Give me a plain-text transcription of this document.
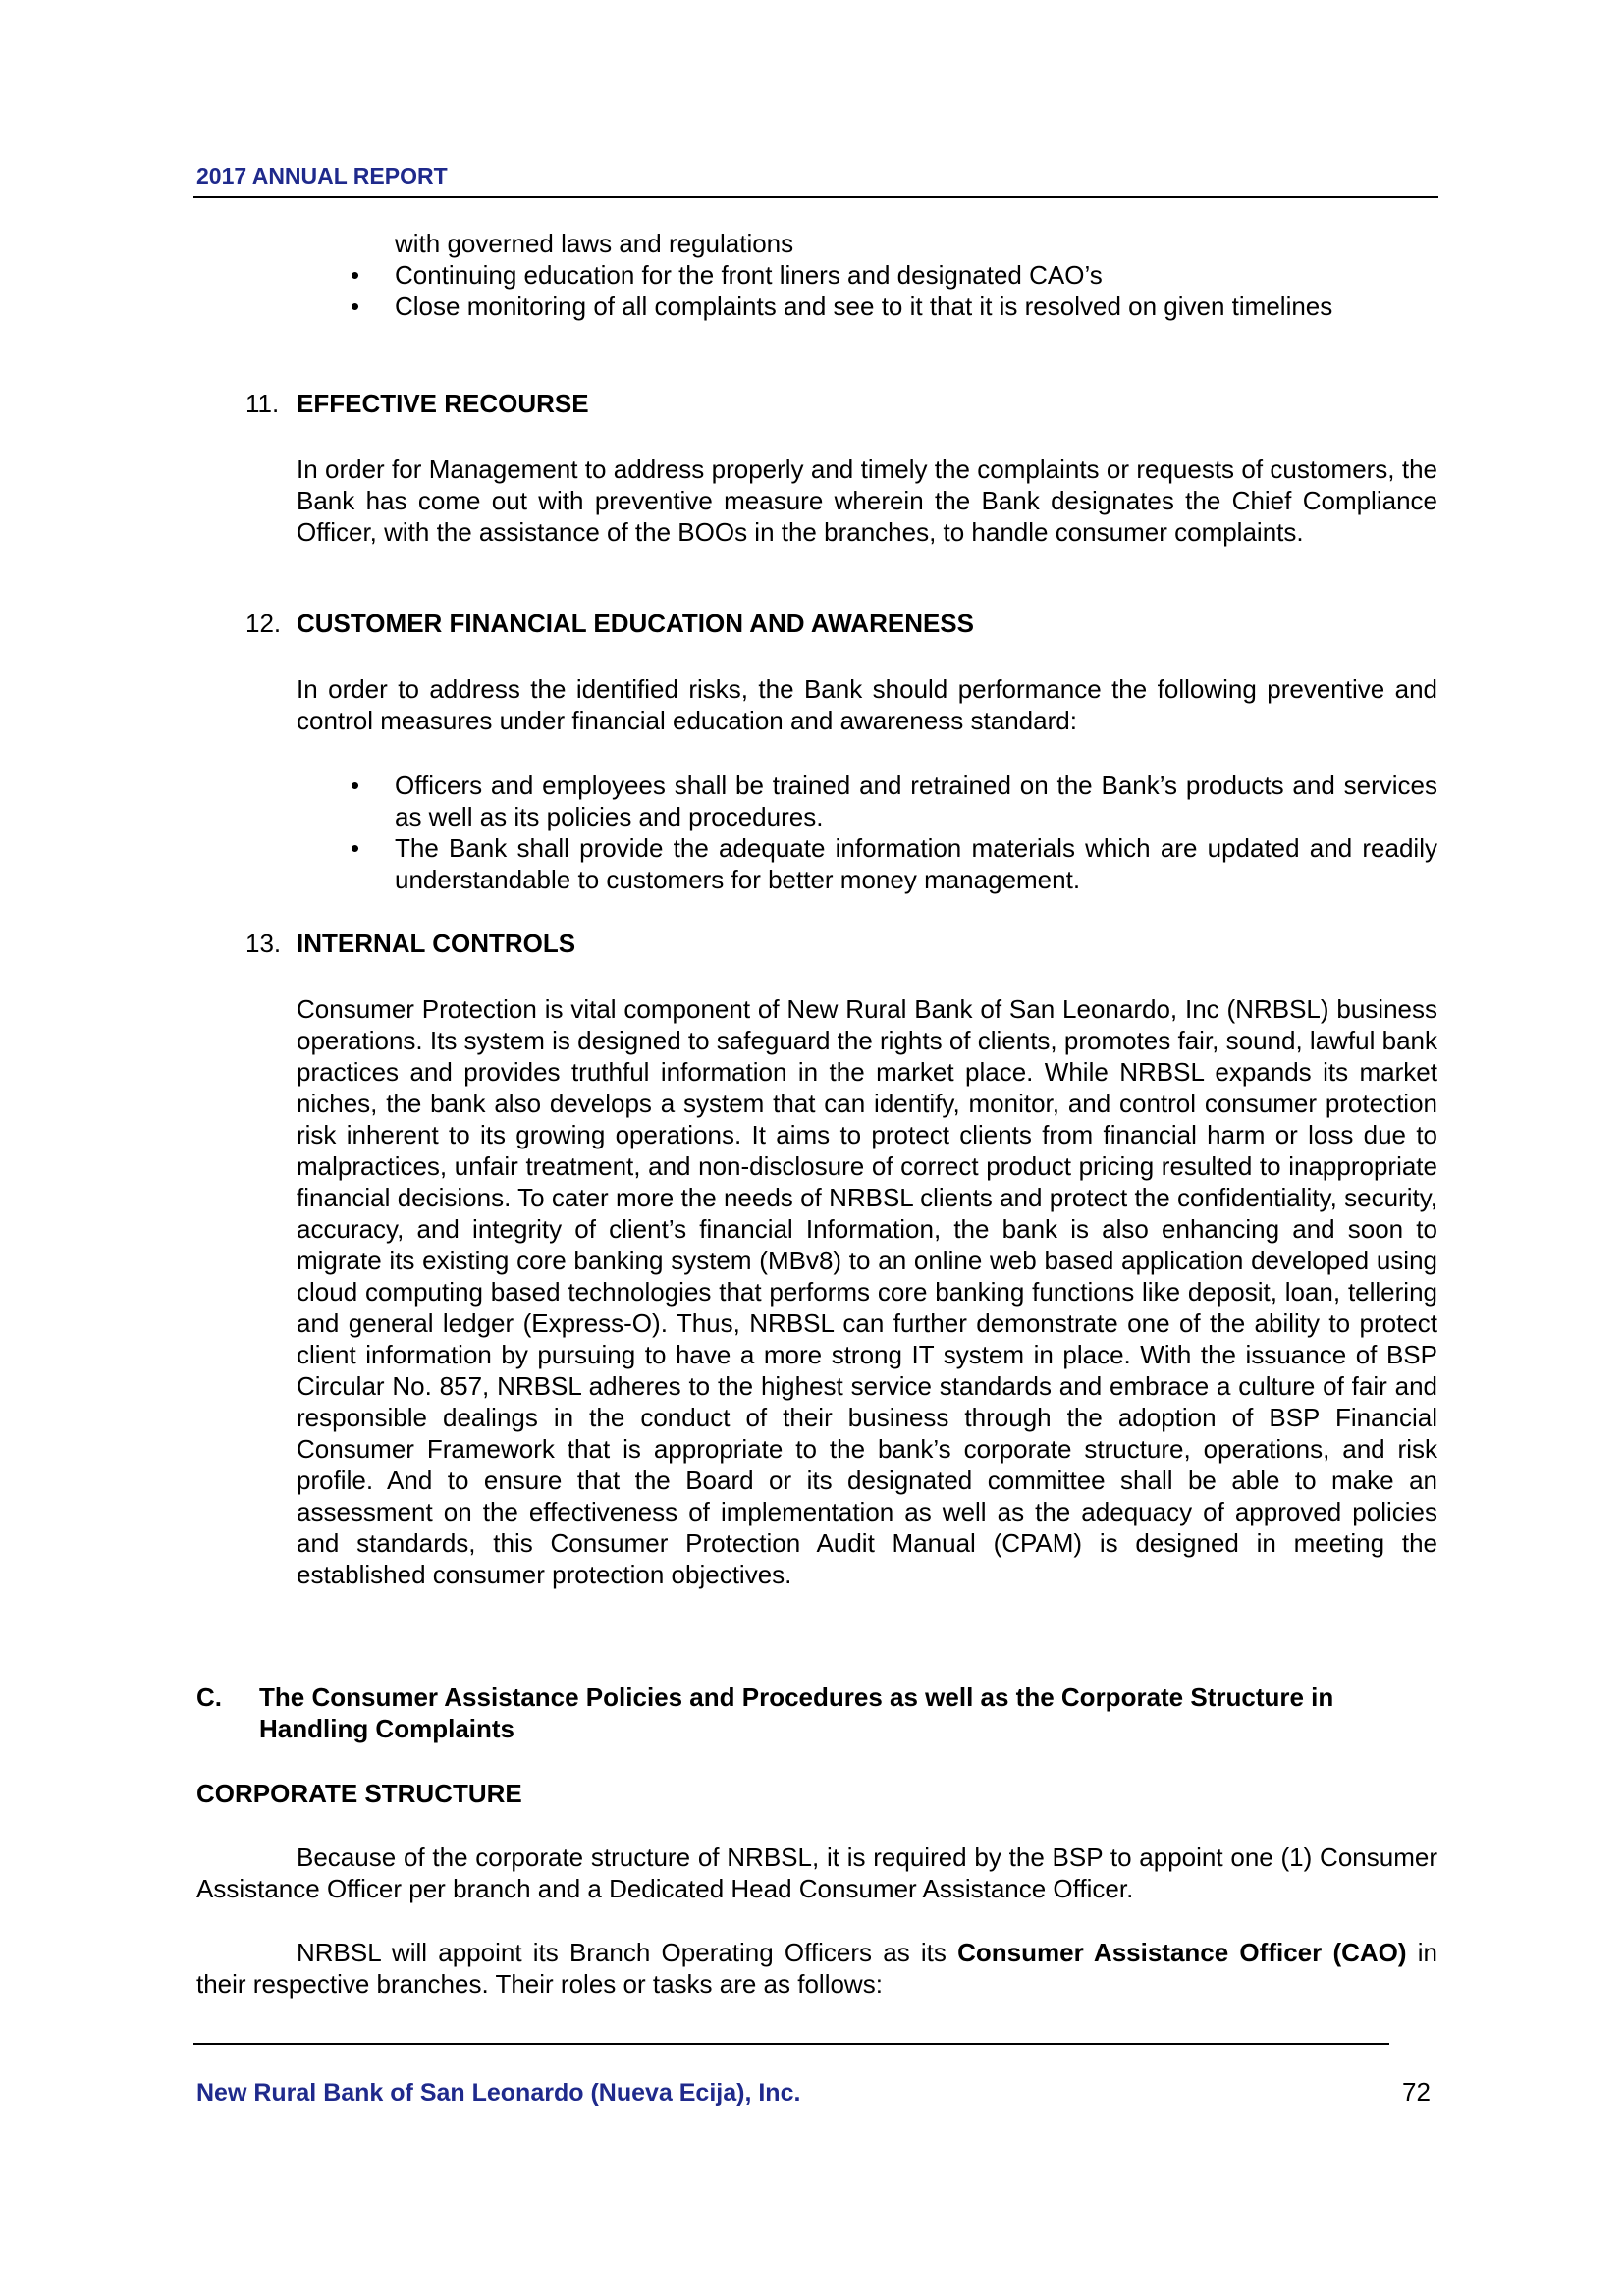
2017 ANNUAL REPORT
with governed laws and regulations
• Continuing education for the front liners and designated CAO’s
• Close monitoring of all complaints and see to it that it is resolved on given timelines
11. EFFECTIVE RECOURSE
In order for Management to address properly and timely the complaints or requests of customers, the Bank has come out with preventive measure wherein the Bank designates the Chief Compliance Officer, with the assistance of the BOOs in the branches, to handle consumer complaints.
12. CUSTOMER FINANCIAL EDUCATION AND AWARENESS
In order to address the identified risks, the Bank should performance the following preventive and control measures under financial education and awareness standard:
• Officers and employees shall be trained and retrained on the Bank’s products and services as well as its policies and procedures.
• The Bank shall provide the adequate information materials which are updated and readily understandable to customers for better money management.
13. INTERNAL CONTROLS
Consumer Protection is vital component of New Rural Bank of San Leonardo, Inc (NRBSL) business operations. Its system is designed to safeguard the rights of clients, promotes fair, sound, lawful bank practices and provides truthful information in the market place. While NRBSL expands its market niches, the bank also develops a system that can identify, monitor, and control consumer protection risk inherent to its growing operations. It aims to protect clients from financial harm or loss due to malpractices, unfair treatment, and non-disclosure of correct product pricing resulted to inappropriate financial decisions. To cater more the needs of NRBSL clients and protect the confidentiality, security, accuracy, and integrity of client’s financial Information, the bank is also enhancing and soon to migrate its existing core banking system (MBv8) to an online web based application developed using cloud computing based technologies that performs core banking functions like deposit, loan, tellering and general ledger (Express-O). Thus, NRBSL can further demonstrate one of the ability to protect client information by pursuing to have a more strong IT system in place. With the issuance of BSP Circular No. 857, NRBSL adheres to the highest service standards and embrace a culture of fair and responsible dealings in the conduct of their business through the adoption of BSP Financial Consumer Framework that is appropriate to the bank’s corporate structure, operations, and risk profile. And to ensure that the Board or its designated committee shall be able to make an assessment on the effectiveness of implementation as well as the adequacy of approved policies and standards, this Consumer Protection Audit Manual (CPAM) is designed in meeting the established consumer protection objectives.
C. The Consumer Assistance Policies and Procedures as well as the Corporate Structure in
Handling Complaints
CORPORATE STRUCTURE
Because of the corporate structure of NRBSL, it is required by the BSP to appoint one (1) Consumer Assistance Officer per branch and a Dedicated Head Consumer Assistance Officer.
NRBSL will appoint its Branch Operating Officers as its Consumer Assistance Officer (CAO) in their respective branches. Their roles or tasks are as follows:
New Rural Bank of San Leonardo (Nueva Ecija), Inc.	72
